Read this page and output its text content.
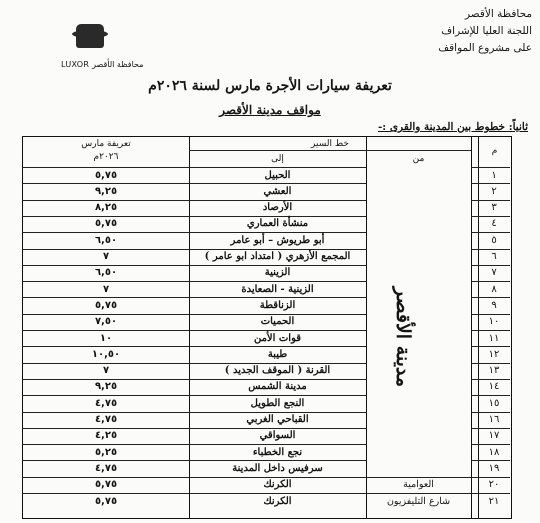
محافظة الأقصر
اللجنة العليا للإشراف
على مشروع المواقف
LUXOR محافظة الأقصر
تعريفة سيارات الأجرة مارس لسنة ٢٠٢٦م
مواقف مدينة الأقصر
ثانياً: خطوط بين المدينة والقرى :-
تعريفة مارس
٢٠٢٦م
خط السير
إلى	من
م
٥,٧٥	الحبيل	١
٩,٢٥	العشي	٢
٨,٢٥	الأرصاد	٣
٥,٧٥	منشأة العماري	٤
٦,٥٠	أبو طريوش – أبو عامر	٥
٧	المجمع الأزهري ( امتداد ابو عامر )	٦
٦,٥٠	الزينية	٧
٧	الزينية - الصعايدة	٨
٥,٧٥	الزناقطة	٩
٧,٥٠	الحميات	١٠
١٠	قوات الأمن	١١
١٠,٥٠	طيبة	١٢
٧	القرنة ( الموقف الجديد )	١٣
٩,٢٥	مدينة الشمس	١٤
٤,٧٥	النجع الطويل	١٥
٤,٧٥	القباحي الغربي	١٦
٤,٢٥	السواقي	١٧
٥,٢٥	نجع الخطباء	١٨
٤,٧٥	سرفيس داخل المدينة	١٩
٥,٧٥	الكرنك	العوامية	٢٠
٥,٧٥	الكرنك	شارع التليفزيون	٢١
مدينة الأقصر
